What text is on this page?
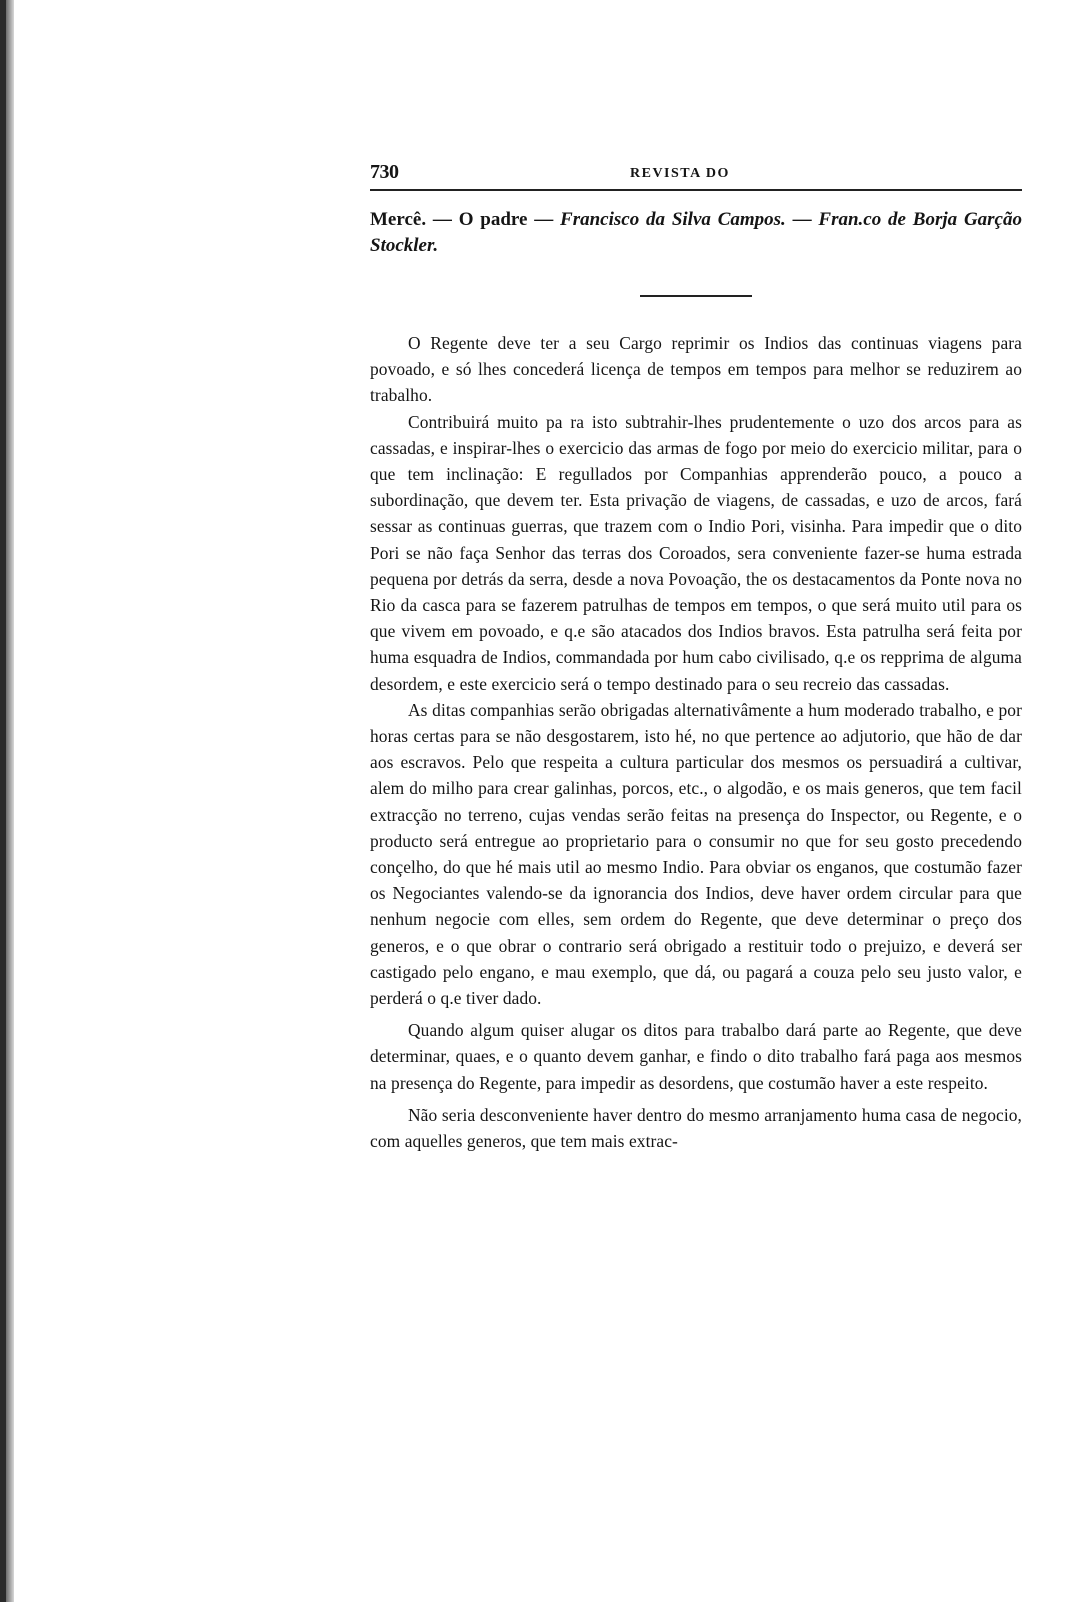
730	REVISTA DO
Mercê. — O padre — Francisco da Silva Campos. — Fran.co de Borja Garção Stockler.

O Regente deve ter a seu Cargo reprimir os Indios das continuas viagens para povoado, e só lhes concederá licença de tempos em tempos para melhor se reduzirem ao trabalho.

Contribuirá muito pa ra isto subtrahir-lhes prudentemente o uzo dos arcos para as cassadas, e inspirar-lhes o exercicio das armas de fogo por meio do exercicio militar, para o que tem inclinação: E regullados por Companhias apprenderão pouco, a pouco a subordinação, que devem ter. Esta privação de viagens, de cassadas, e uzo de arcos, fará sessar as continuas guerras, que trazem com o Indio Pori, visinha. Para impedir que o dito Pori se não faça Senhor das terras dos Coroados, sera conveniente fazer-se huma estrada pequena por detrás da serra, desde a nova Povoação, the os destacamentos da Ponte nova no Rio da casca para se fazerem patrulhas de tempos em tempos, o que será muito util para os que vivem em povoado, e q.e são atacados dos Indios bravos. Esta patrulha será feita por huma esquadra de Indios, commandada por hum cabo civilisado, q.e os repprima de alguma desordem, e este exercicio será o tempo destinado para o seu recreio das cassadas.

As ditas companhias serão obrigadas alternativâmente a hum moderado trabalho, e por horas certas para se não desgostarem, isto hé, no que pertence ao adjutorio, que hão de dar aos escravos. Pelo que respeita a cultura particular dos mesmos os persuadirá a cultivar, alem do milho para crear galinhas, porcos, etc., o algodão, e os mais generos, que tem facil extracção no terreno, cujas vendas serão feitas na presença do Inspector, ou Regente, e o producto será entregue ao proprietario para o consumir no que for seu gosto precedendo conçelho, do que hé mais util ao mesmo Indio. Para obviar os enganos, que costumão fazer os Negociantes valendo-se da ignorancia dos Indios, deve haver ordem circular para que nenhum negocie com elles, sem ordem do Regente, que deve determinar o preço dos generos, e o que obrar o contrario será obrigado a restituir todo o prejuizo, e deverá ser castigado pelo engano, e mau exemplo, que dá, ou pagará a couza pelo seu justo valor, e perderá o q.e tiver dado.

Quando algum quiser alugar os ditos para trabalbo dará parte ao Regente, que deve determinar, quaes, e o quanto devem ganhar, e findo o dito trabalho fará paga aos mesmos na presença do Regente, para impedir as desordens, que costumão haver a este respeito.

Não seria desconveniente haver dentro do mesmo arranjamento huma casa de negocio, com aquelles generos, que tem mais extrac-
